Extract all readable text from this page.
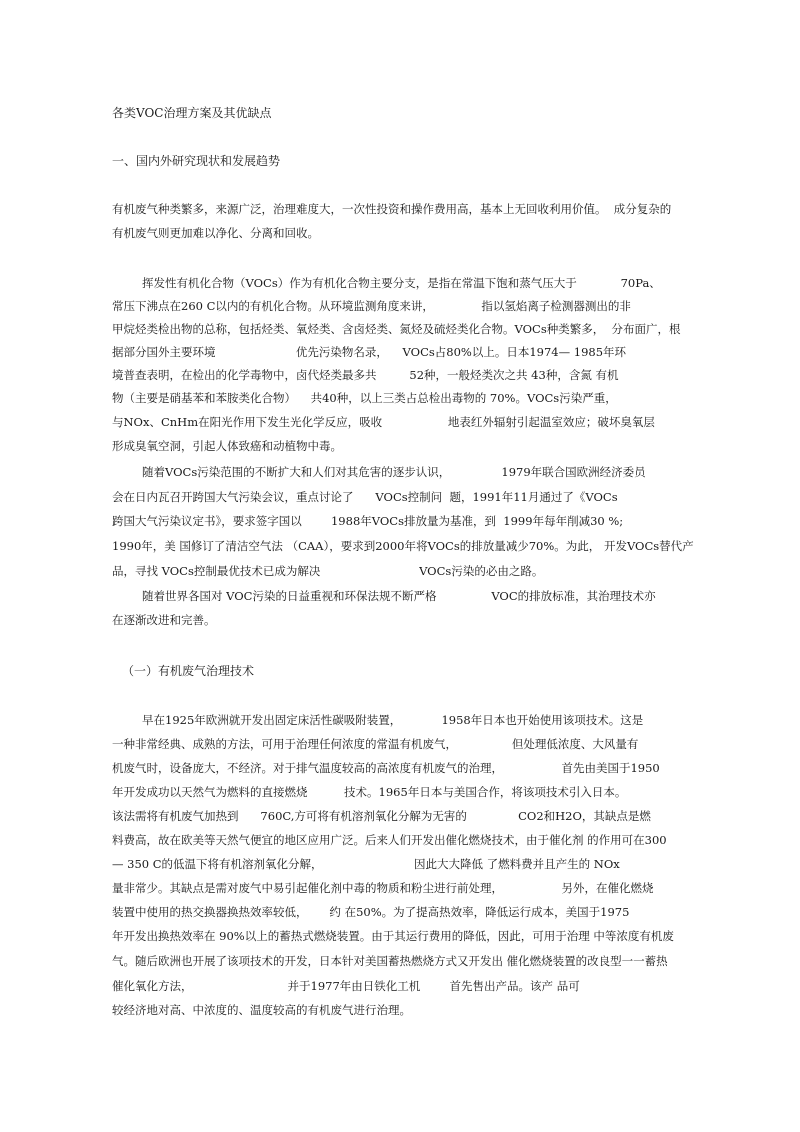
各类VOC治理方案及其优缺点
一、国内外研究现状和发展趋势
有机废气种类繁多，来源广泛，治理难度大，一次性投资和操作费用高，基本上无回收利用价值。  成分复杂的
有机废气则更加难以净化、分离和回收。
挥发性有机化合物（VOCs）作为有机化合物主要分支，是指在常温下饱和蒸气压大于            70Pa、
常压下沸点在260 C以内的有机化合物。从环境监测角度来讲，             指以氢焰离子检测器测出的非
甲烷烃类检出物的总称，包括烃类、氧烃类、含卤烃类、氮烃及硫烃类化合物。VOCs种类繁多，  分布面广，根
据部分国外主要环境                      优先污染物名录，    VOCs占80%以上。日本1974— 1985年环
境普查表明，在检出的化学毒物中，卤代烃类最多共         52种，一般烃类次之共 43种，含氮 有机
物（主要是硝基苯和苯胺类化合物）    共40种，以上三类占总检出毒物的 70%。VOCs污染严重，
与NOx、CnHm在阳光作用下发生光化学反应，吸收                  地表红外辐射引起温室效应；破坏臭氧层
形成臭氧空洞，引起人体致癌和动植物中毒。
随着VOCs污染范围的不断扩大和人们对其危害的逐步认识，              1979年联合国欧洲经济委员
会在日内瓦召开跨国大气污染会议，重点讨论了      VOCs控制问  题，1991年11月通过了《VOCs
跨国大气污染议定书》，要求签字国以        1988年VOCs排放量为基准，到  1999年每年削减30 %;
1990年，美 国修订了清洁空气法 （CAA），要求到2000年将VOCs的排放量减少70%。为此， 开发VOCs替代产
品，寻找 VOCs控制最优技术已成为解决                           VOCs污染的必由之路。
随着世界各国对 VOC污染的日益重视和环保法规不断严格               VOC的排放标准，其治理技术亦
在逐渐改进和完善。
（一）有机废气治理技术
早在1925年欧洲就开发出固定床活性碳吸附装置，           1958年日本也开始使用该项技术。这是
一种非常经典、成熟的方法，可用于治理任何浓度的常温有机废气，               但处理低浓度、大风量有
机废气时，设备庞大，不经济。对于排气温度较高的高浓度有机废气的治理，                首先由美国于1950
年开发成功以天然气为燃料的直接燃烧          技术。1965年日本与美国合作，将该项技术引入日本。
该法需将有机废气加热到      760C,方可将有机溶剂氧化分解为无害的              CO2和H2O，其缺点是燃
料费高，故在欧美等天然气便宜的地区应用广泛。后来人们开发出催化燃烧技术，由于催化剂 的作用可在300
— 350 C的低温下将有机溶剂氧化分解，                         因此大大降低 了燃料费并且产生的 NOx
量非常少。其缺点是需对废气中易引起催化剂中毒的物质和粉尘进行前处理，                另外，在催化燃烧
装置中使用的热交换器换热效率较低，      约 在50%。为了提高热效率，降低运行成本，美国于1975
年开发出换热效率在 90%以上的蓄热式燃烧装置。由于其运行费用的降低，因此，可用于治理 中等浓度有机废
气。随后欧洲也开展了该项技术的开发，日本针对美国蓄热燃烧方式又开发出 催化燃烧装置的改良型一一蓄热
催化氧化方法，                          并于1977年由日铁化工机        首先售出产品。该产 品可
较经济地对高、中浓度的、温度较高的有机废气进行治理。
